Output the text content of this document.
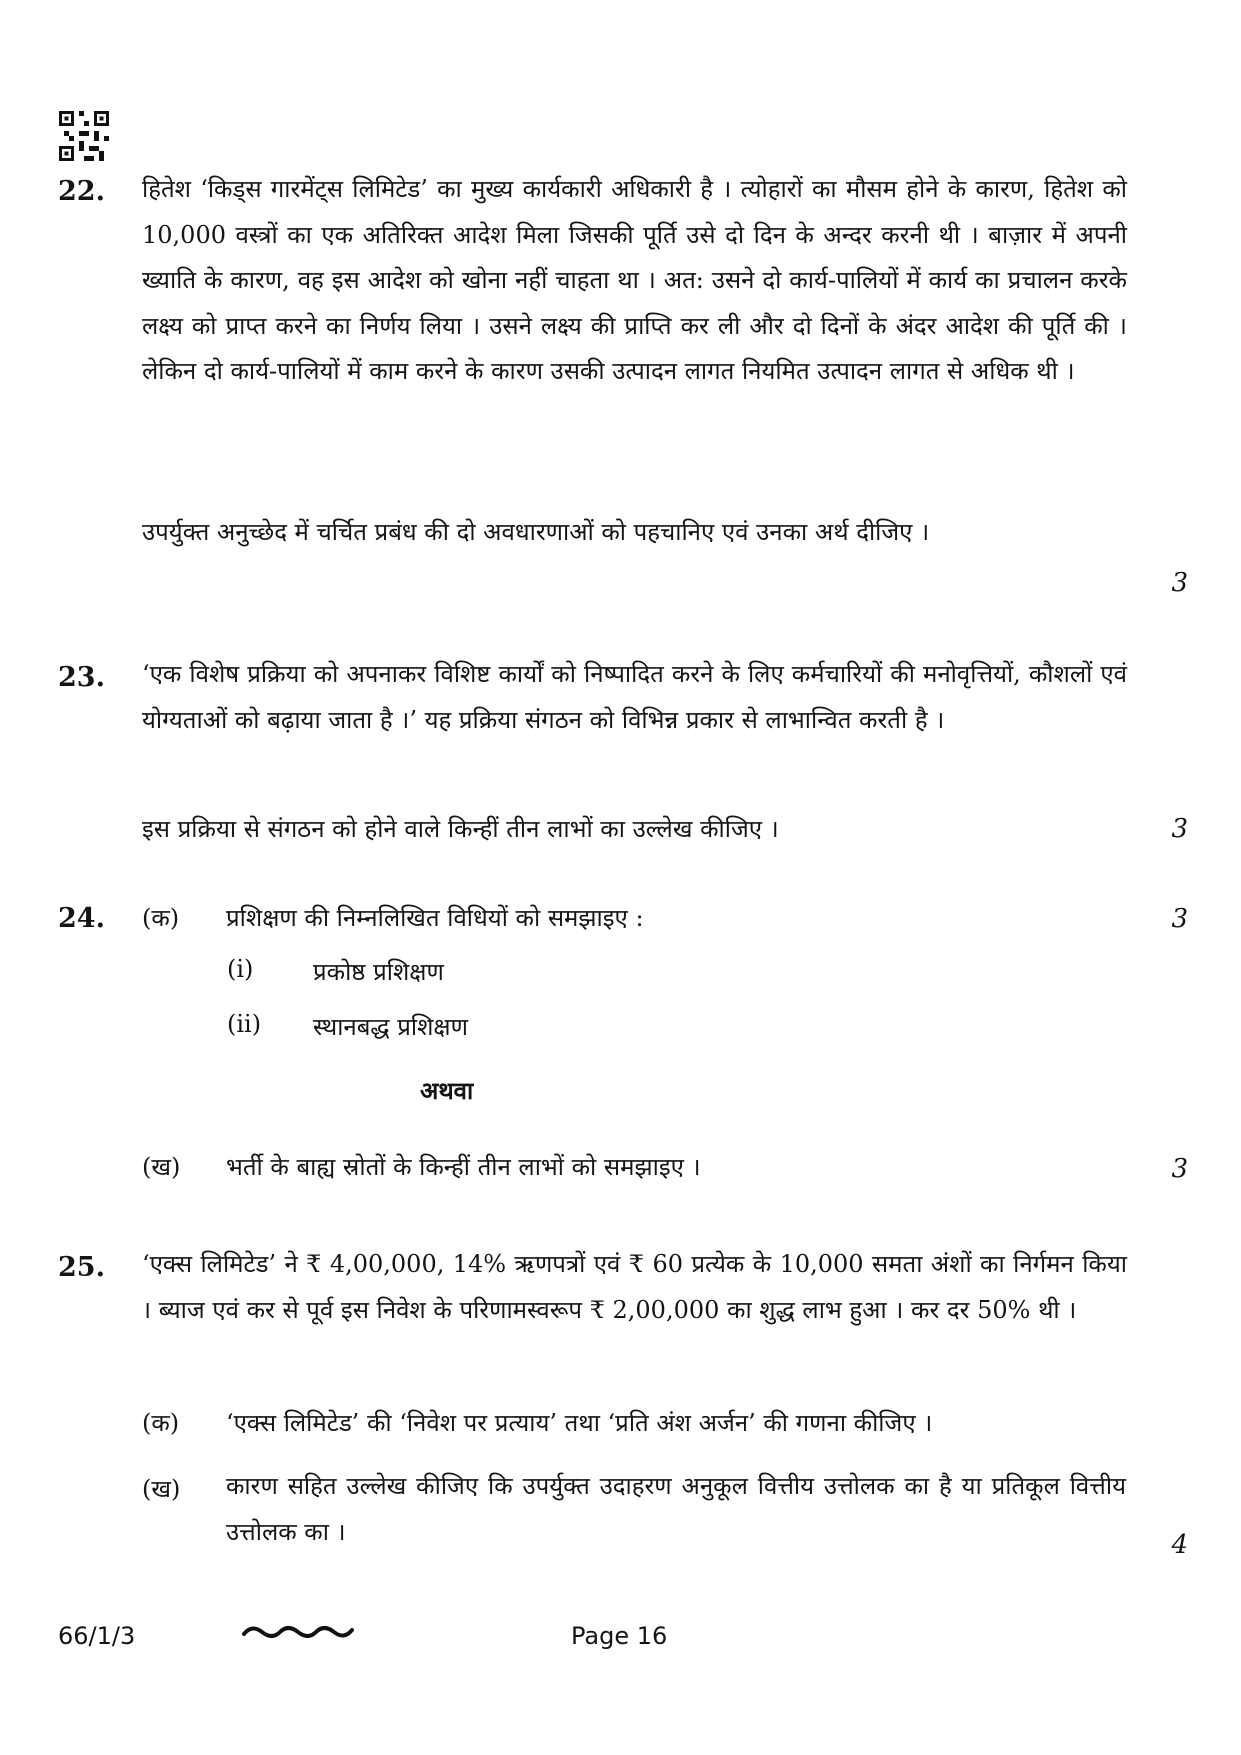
22. हितेश ‘किड्स गारमेंट्स लिमिटेड’ का मुख्य कार्यकारी अधिकारी है । त्योहारों का मौसम होने के कारण, हितेश को 10,000 वस्त्रों का एक अतिरिक्त आदेश मिला जिसकी पूर्ति उसे दो दिन के अन्दर करनी थी । बाज़ार में अपनी ख्याति के कारण, वह इस आदेश को खोना नहीं चाहता था । अत: उसने दो कार्य-पालियों में कार्य का प्रचालन करके लक्ष्य को प्राप्त करने का निर्णय लिया । उसने लक्ष्य की प्राप्ति कर ली और दो दिनों के अंदर आदेश की पूर्ति की । लेकिन दो कार्य-पालियों में काम करने के कारण उसकी उत्पादन लागत नियमित उत्पादन लागत से अधिक थी ।
उपर्युक्त अनुच्छेद में चर्चित प्रबंध की दो अवधारणाओं को पहचानिए एवं उनका अर्थ दीजिए ।
3
23. ‘एक विशेष प्रक्रिया को अपनाकर विशिष्ट कार्यों को निष्पादित करने के लिए कर्मचारियों की मनोवृत्तियों, कौशलों एवं योग्यताओं को बढ़ाया जाता है ।’ यह प्रक्रिया संगठन को विभिन्न प्रकार से लाभान्वित करती है ।
इस प्रक्रिया से संगठन को होने वाले किन्हीं तीन लाभों का उल्लेख कीजिए ।	3
24. (क) प्रशिक्षण की निम्नलिखित विधियों को समझाइए :	3
(i) प्रकोष्ठ प्रशिक्षण
(ii) स्थानबद्ध प्रशिक्षण
अथवा
(ख) भर्ती के बाह्य स्रोतों के किन्हीं तीन लाभों को समझाइए ।	3
25. ‘एक्स लिमिटेड’ ने ₹ 4,00,000, 14% ऋणपत्रों एवं ₹ 60 प्रत्येक के 10,000 समता अंशों का निर्गमन किया । ब्याज एवं कर से पूर्व इस निवेश के परिणामस्वरूप ₹ 2,00,000 का शुद्ध लाभ हुआ । कर दर 50% थी ।
(क) ‘एक्स लिमिटेड’ की ‘निवेश पर प्रत्याय’ तथा ‘प्रति अंश अर्जन’ की गणना कीजिए ।
(ख) कारण सहित उल्लेख कीजिए कि उपर्युक्त उदाहरण अनुकूल वित्तीय उत्तोलक का है या प्रतिकूल वित्तीय उत्तोलक का ।	4
66/1/3	Page 16
